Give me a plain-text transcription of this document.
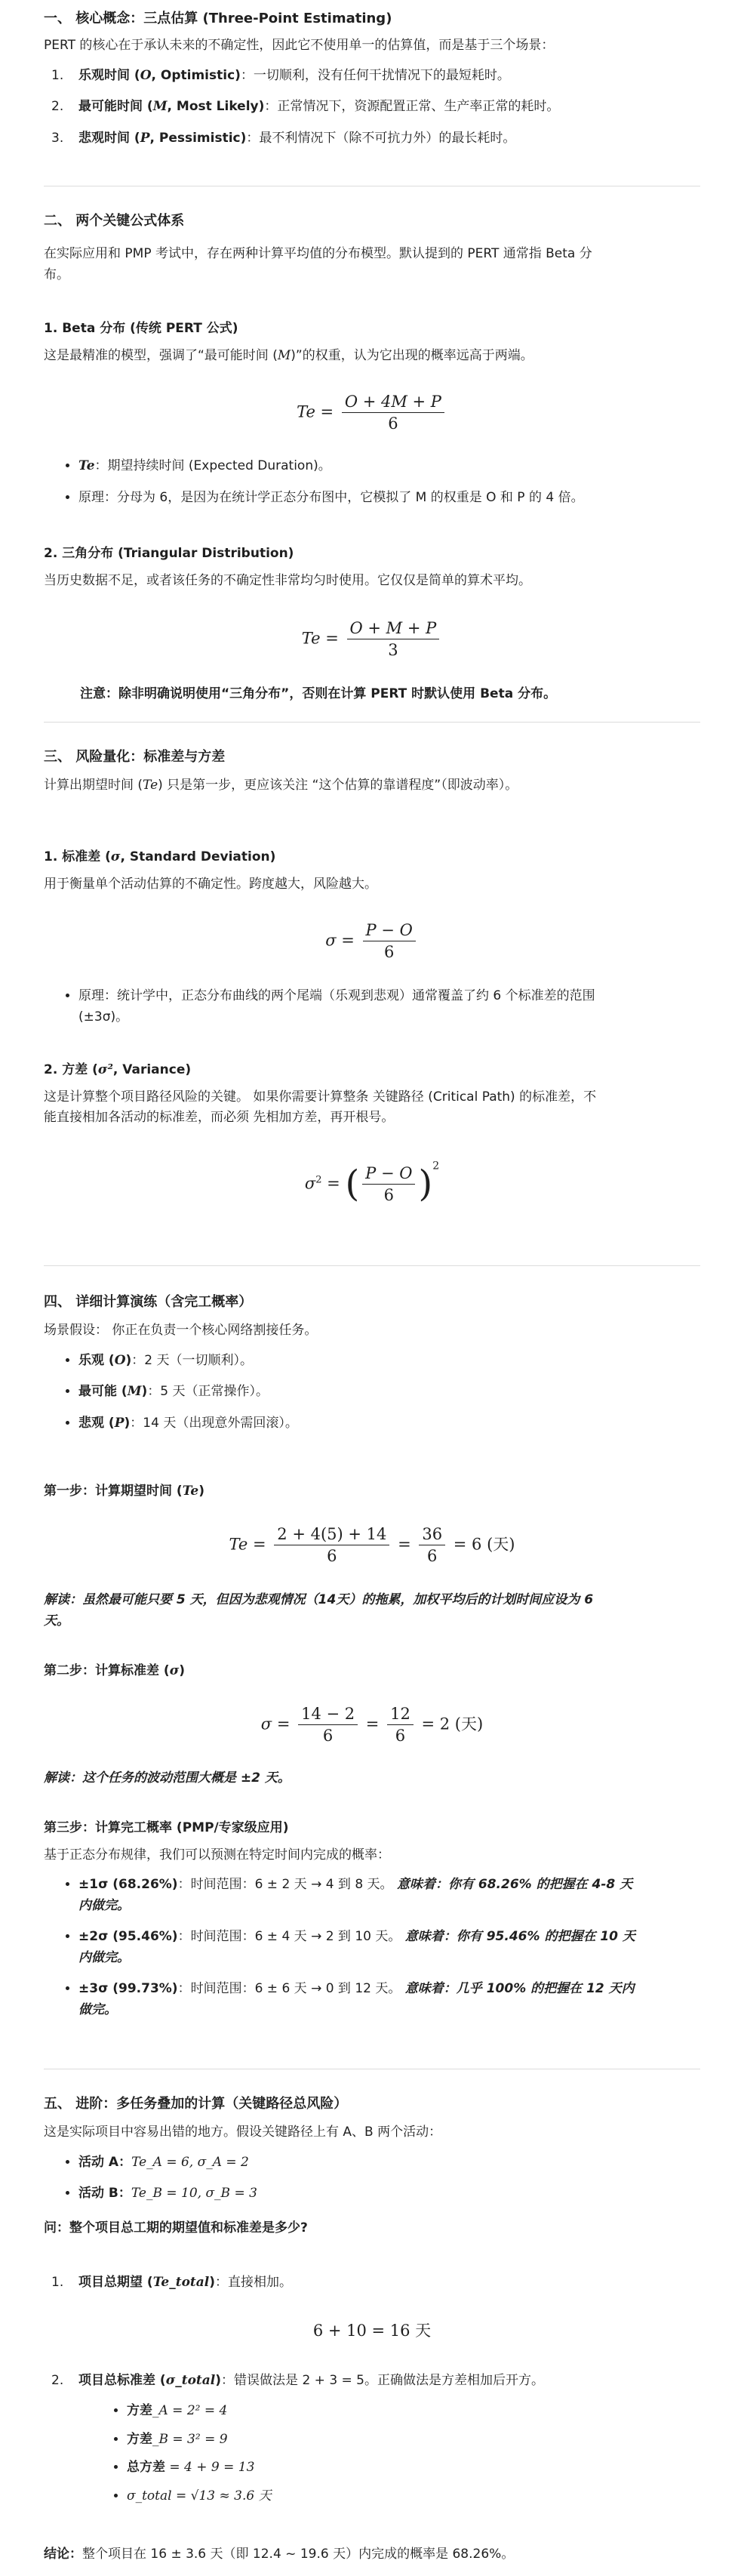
一、 核心概念：三点估算 (Three-Point Estimating)

PERT 的核心在于承认未来的不确定性，因此它不使用单一的估算值，而是基于三个场景：

1. 乐观时间 (O, Optimistic)：一切顺利，没有任何干扰情况下的最短耗时。
2. 最可能时间 (M, Most Likely)：正常情况下，资源配置正常、生产率正常的耗时。
3. 悲观时间 (P, Pessimistic)：最不利情况下（除不可抗力外）的最长耗时。
二、 两个关键公式体系

在实际应用和 PMP 考试中，存在两种计算平均值的分布模型。默认提到的 PERT 通常指 Beta 分
布。

1. Beta 分布 (传统 PERT 公式)

这是最精准的模型，强调了“最可能时间 (M)”的权重，认为它出现的概率远高于两端。

$Te = \frac{O + 4M + P}{6}$
• Te：期望持续时间 (Expected Duration)。
• 原理：分母为 6，是因为在统计学正态分布图中，它模拟了 M 的权重是 O 和 P 的 4 倍。
2. 三角分布 (Triangular Distribution)

当历史数据不足，或者该任务的不确定性非常均匀时使用。它仅仅是简单的算术平均。

$Te = \frac{O + M + P}{3}$

注意：除非明确说明使用“三角分布”，否则在计算 PERT 时默认使用 Beta 分布。

三、 风险量化：标准差与方差

计算出期望时间 (Te) 只是第一步，更应该关注 “这个估算的靠谱程度”（即波动率）。

1. 标准差 (σ, Standard Deviation)

用于衡量单个活动估算的不确定性。跨度越大，风险越大。

$\sigma = \frac{P - O}{6}$
• 原理：统计学中，正态分布曲线的两个尾端（乐观到悲观）通常覆盖了约 6 个标准差的范围
(±3σ)。
2. 方差 (σ², Variance)

这是计算整个项目路径风险的关键。 如果你需要计算整条 关键路径 (Critical Path) 的标准差，不
能直接相加各活动的标准差，而必须 先相加方差，再开根号。

$\sigma^2$ = ( $\frac{P - O}{6} )^2$
四、 详细计算演练（含完工概率）

场景假设： 你正在负责一个核心网络割接任务。

• 乐观 (O)：2 天（一切顺利）。
• 最可能 (M)：5 天（正常操作）。
• 悲观 (P)：14 天（出现意外需回滚）。
第一步：计算期望时间 (Te)
$Te = \frac{2 + 4(5) + 14}{6} = \frac{36}{6} = 6$ (天)

解读：虽然最可能只要 5 天，但因为悲观情况（14天）的拖累，加权平均后的计划时间应设为 6
天。

第二步：计算标准差 (σ)
$\sigma = \frac{14 - 2}{6} = \frac{12}{6} = 2$ (天)

解读：这个任务的波动范围大概是 ±2 天。

第三步：计算完工概率 (PMP/专家级应用)

基于正态分布规律，我们可以预测在特定时间内完成的概率：

• ±1σ (68.26%)：时间范围：6 ± 2 天 → 4 到 8 天。 意味着：你有 68.26% 的把握在 4-8 天
内做完。
• ±2σ (95.46%)：时间范围：6 ± 4 天 → 2 到 10 天。 意味着：你有 95.46% 的把握在 10 天
内做完。
• ±3σ (99.73%)：时间范围：6 ± 6 天 → 0 到 12 天。 意味着：几乎 100% 的把握在 12 天内
做完。
五、 进阶：多任务叠加的计算（关键路径总风险）

这是实际项目中容易出错的地方。假设关键路径上有 A、B 两个活动：

• 活动 A：Te_A = 6, σ_A = 2
• 活动 B：Te_B = 10, σ_B = 3

问：整个项目总工期的期望值和标准差是多少?

1. 项目总期望 (Te_total)：直接相加。

6 + 10 = 16 天

2. 项目总标准差 (σ_total)：错误做法是 2 + 3 = 5。正确做法是方差相加后开方。

• 方差_A = 2² = 4
• 方差_B = 3² = 9
• 总方差 = 4 + 9 = 13
• σ_total = √13 ≈ 3.6 天

结论：整个项目在 16 ± 3.6 天（即 12.4 ~ 19.6 天）内完成的概率是 68.26%。
